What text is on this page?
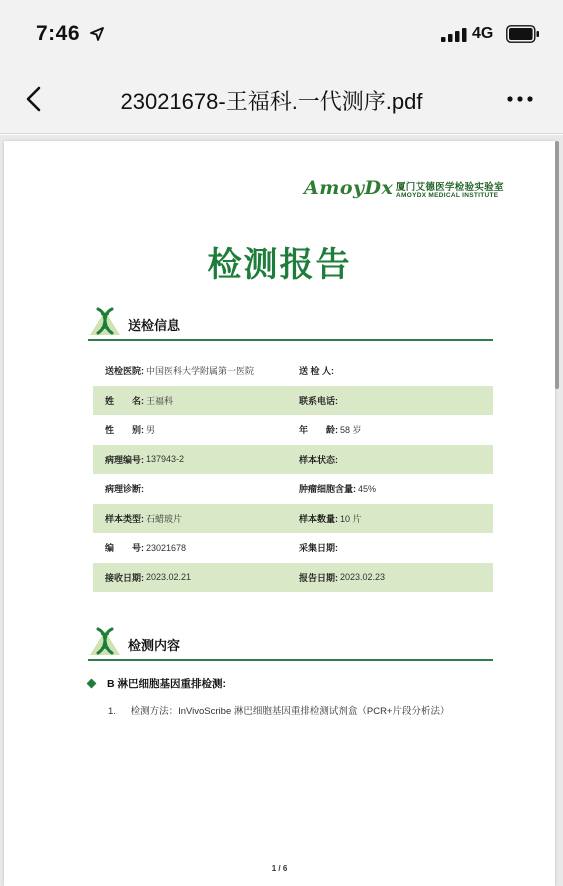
7:46	4G
23021678-王福科.一代测序.pdf
AmoyDx 厦门艾德医学检验实验室
AMOYDX MEDICAL INSTITUTE
检测报告
送检信息
送检医院: 中国医科大学附属第一医院	送 检 人:
姓　　名: 王福科	联系电话:
性　　别: 男	年　　龄: 58 岁
病理编号: 137943-2	样本状态:
病理诊断:	肿瘤细胞含量: 45%
样本类型: 石蜡玻片	样本数量: 10 片
编　　号: 23021678	采集日期:
接收日期: 2023.02.21	报告日期: 2023.02.23
检测内容
B 淋巴细胞基因重排检测:
1. 检测方法：InVivoScribe 淋巴细胞基因重排检测试剂盒（PCR+片段分析法）
1 / 6
